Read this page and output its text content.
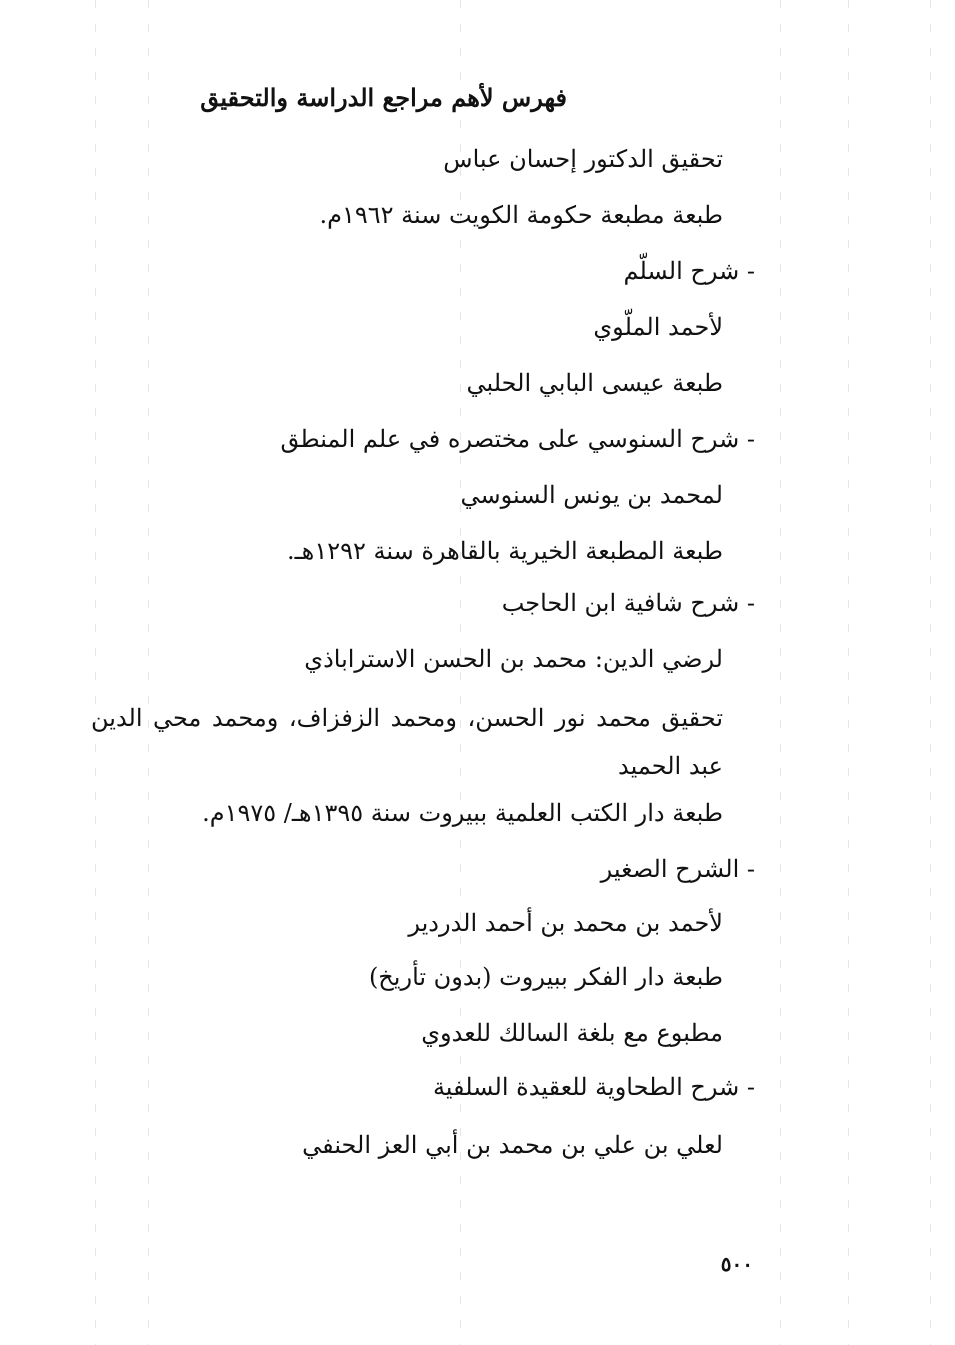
فهرس لأهم مراجع الدراسة والتحقيق
تحقيق الدكتور إحسان عباس
طبعة مطبعة حكومة الكويت سنة ١٩٦٢م.
- شرح السلّم
لأحمد الملّوي
طبعة عيسى البابي الحلبي
- شرح السنوسي على مختصره في علم المنطق
لمحمد بن يونس السنوسي
طبعة المطبعة الخيرية بالقاهرة سنة ١٢٩٢هـ.
- شرح شافية ابن الحاجب
لرضي الدين: محمد بن الحسن الاستراباذي
تحقيق محمد نور الحسن، ومحمد الزفزاف، ومحمد محي الدين عبد الحميد
طبعة دار الكتب العلمية ببيروت سنة ١٣٩٥هـ/ ١٩٧٥م.
- الشرح الصغير
لأحمد بن محمد بن أحمد الدردير
طبعة دار الفكر ببيروت (بدون تأريخ)
مطبوع مع بلغة السالك للعدوي
- شرح الطحاوية للعقيدة السلفية
لعلي بن علي بن محمد بن أبي العز الحنفي
٥٠٠
